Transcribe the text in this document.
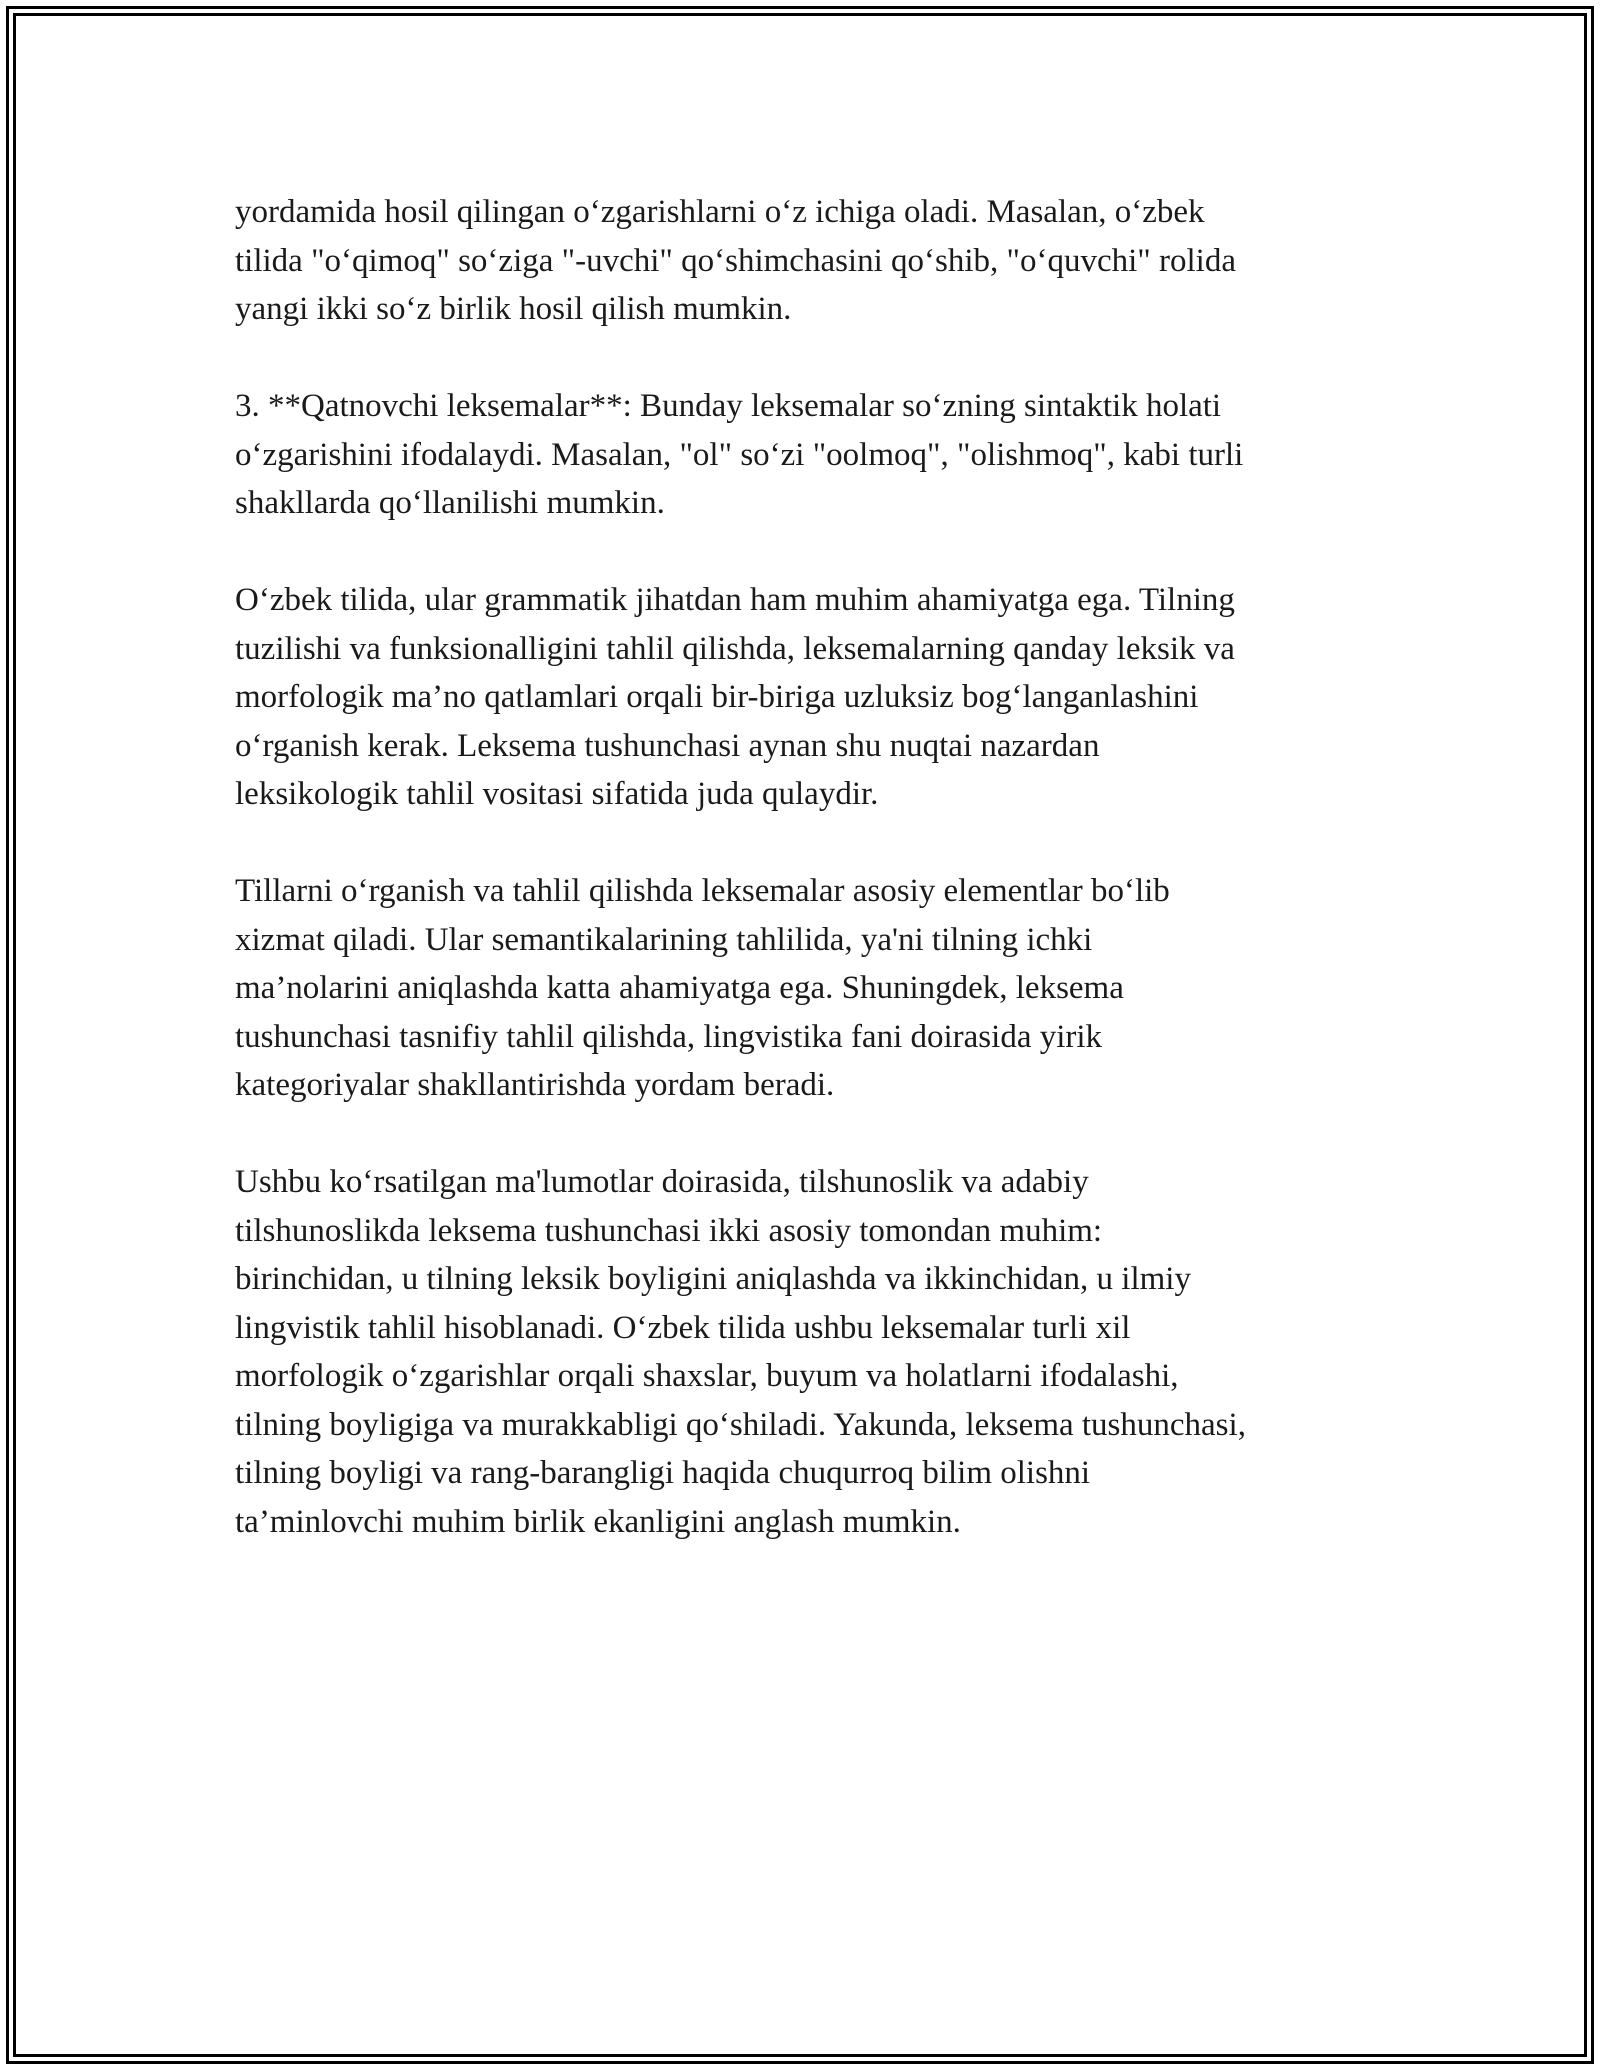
yordamida hosil qilingan o‘zgarishlarni o‘z ichiga oladi. Masalan, o‘zbek
tilida "o‘qimoq" so‘ziga "-uvchi" qo‘shimchasini qo‘shib, "o‘quvchi" rolida
yangi ikki so‘z birlik hosil qilish mumkin.

3. **Qatnovchi leksemalar**: Bunday leksemalar so‘zning sintaktik holati
o‘zgarishini ifodalaydi. Masalan, "ol" so‘zi "oolmoq", "olishmoq", kabi turli
shakllarda qo‘llanilishi mumkin.

O‘zbek tilida, ular grammatik jihatdan ham muhim ahamiyatga ega. Tilning
tuzilishi va funksionalligini tahlil qilishda, leksemalarning qanday leksik va
morfologik ma’no qatlamlari orqali bir-biriga uzluksiz bog‘langanlashini
o‘rganish kerak. Leksema tushunchasi aynan shu nuqtai nazardan
leksikologik tahlil vositasi sifatida juda qulaydir.

Tillarni o‘rganish va tahlil qilishda leksemalar asosiy elementlar bo‘lib
xizmat qiladi. Ular semantikalarining tahlilida, ya'ni tilning ichki
ma’nolarini aniqlashda katta ahamiyatga ega. Shuningdek, leksema
tushunchasi tasnifiy tahlil qilishda, lingvistika fani doirasida yirik
kategoriyalar shakllantirishda yordam beradi.

Ushbu ko‘rsatilgan ma'lumotlar doirasida, tilshunoslik va adabiy
tilshunoslikda leksema tushunchasi ikki asosiy tomondan muhim:
birinchidan, u tilning leksik boyligini aniqlashda va ikkinchidan, u ilmiy
lingvistik tahlil hisoblanadi. O‘zbek tilida ushbu leksemalar turli xil
morfologik o‘zgarishlar orqali shaxslar, buyum va holatlarni ifodalashi,
tilning boyligiga va murakkabligi qo‘shiladi. Yakunda, leksema tushunchasi,
tilning boyligi va rang-barangligi haqida chuqurroq bilim olishni
ta’minlovchi muhim birlik ekanligini anglash mumkin.
